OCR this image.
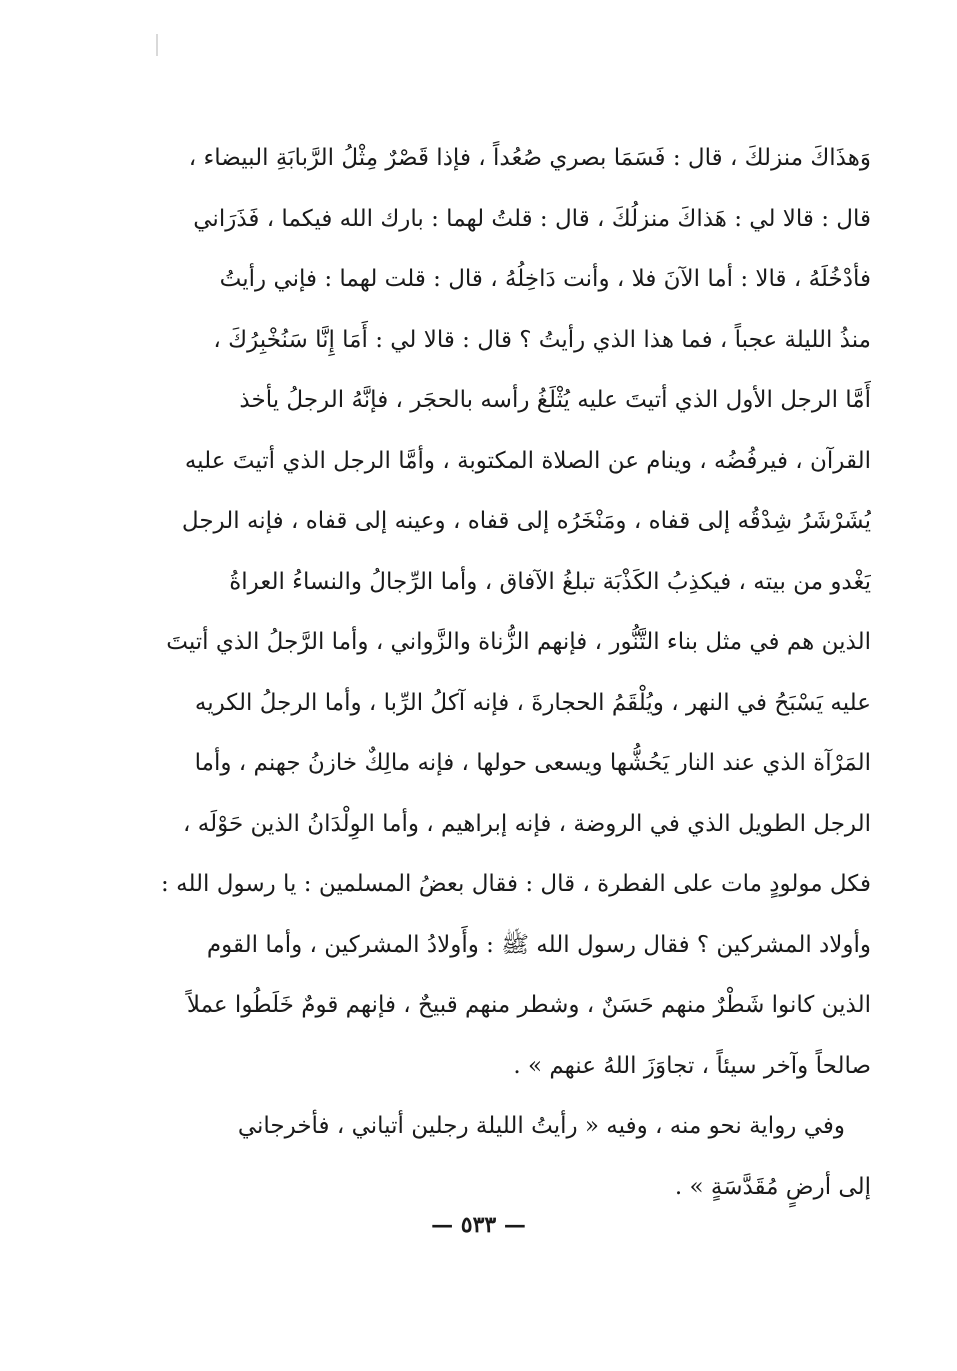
وَهذَاكَ منزلكَ ، قال : فَسَمَا بصري صُعُداً ، فإذا قَصْرٌ مِثْلُ الرَّبابَةِ البيضاء ،
قال : قالا لي : هَذاكَ منزلُكَ ، قال : قلتُ لهما : بارك الله فيكما ، فَذَرَاني
فأدْخُلَهُ ، قالا : أما الآنَ فلا ، وأنت دَاخِلُهُ ، قال : قلت لهما : فإني رأيتُ
منذُ الليلة عجباً ، فما هذا الذي رأيتُ ؟ قال : قالا لي : أَمَا إِنَّا سَنُخْبِرُكَ ،
أَمَّا الرجل الأول الذي أتيتَ عليه يُثْلَغُ رأسه بالحجَر ، فإنَّهُ الرجلُ يأخذ
القرآن ، فيرفُضُه ، وينام عن الصلاة المكتوبة ، وأمَّا الرجل الذي أتيتَ عليه
يُشَرْشَرُ شِدْقُه إلى قفاه ، ومَنْخَرُه إلى قفاه ، وعينه إلى قفاه ، فإنه الرجل
يَغْدو من بيته ، فيكذِبُ الكَذْبَة تبلغُ الآفاق ، وأما الرِّجالُ والنساءُ العراةُ
الذين هم في مثل بناء التَّنُّور ، فإنهم الزُّناة والزَّواني ، وأما الرَّجلُ الذي أتيتَ
عليه يَسْبَحُ في النهر ، ويُلْقَمُ الحجارةَ ، فإنه آكلُ الرِّبا ، وأما الرجلُ الكريه
المَرْآة الذي عند النار يَحُشُّها ويسعى حولها ، فإنه مالِكٌ خازنُ جهنم ، وأما
الرجل الطويل الذي في الروضة ، فإنه إبراهيم ، وأما الوِلْدَانُ الذين حَوْلَه ،
فكل مولودٍ مات على الفطرة ، قال : فقال بعضُ المسلمين : يا رسول الله :
وأولاد المشركين ؟ فقال رسول الله ﷺ : وأَولادُ المشركين ، وأما القوم
الذين كانوا شَطْرٌ منهم حَسَنٌ ، وشطر منهم قبيحٌ ، فإنهم قومٌ خَلَطُوا عملاً
صالحاً وآخر سيئاً ، تجاوَزَ اللهُ عنهم » .
وفي رواية نحو منه ، وفيه « رأيتُ الليلة رجلين أتياني ، فأخرجاني
إلى أرضٍ مُقَدَّسَةٍ » .
— ٥٣٣ —
